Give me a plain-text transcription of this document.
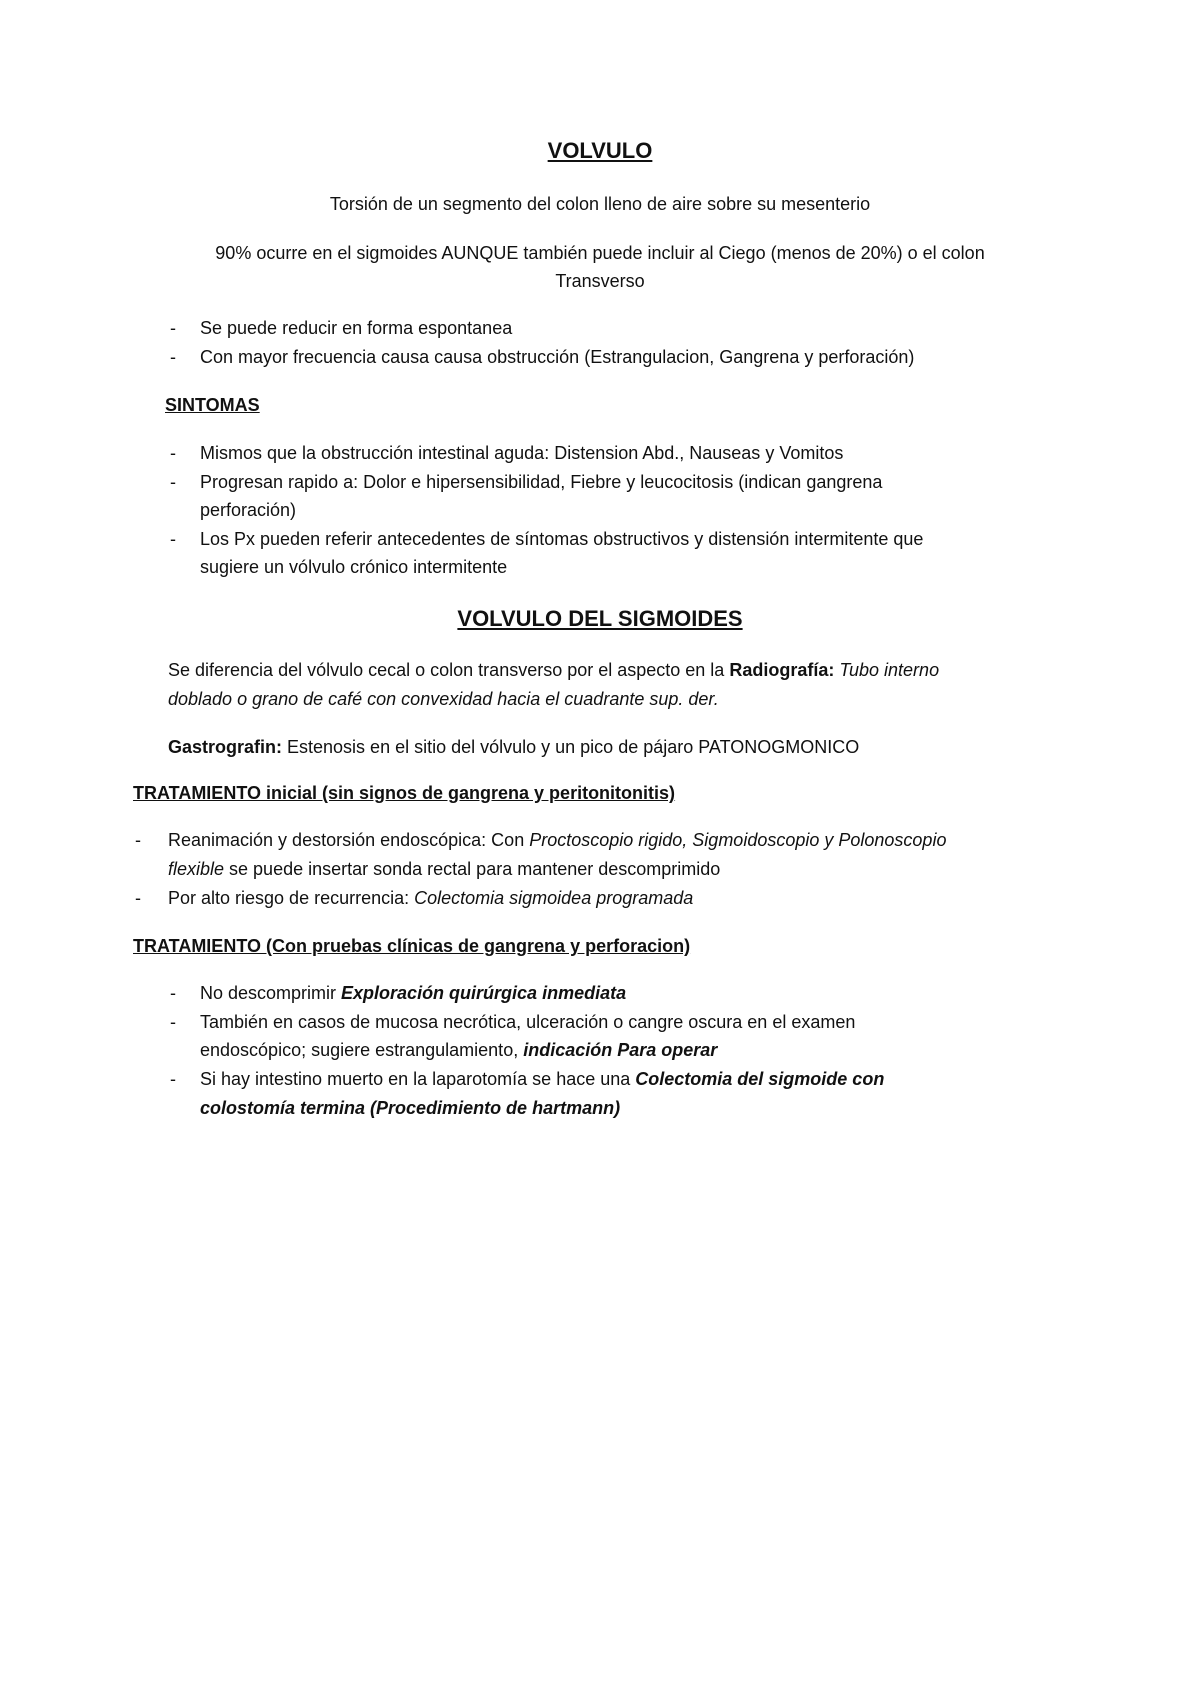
VOLVULO
Torsión de un segmento del colon lleno de aire sobre su mesenterio
90% ocurre en el sigmoides AUNQUE también puede incluir al Ciego (menos de 20%) o el colon
Transverso
- Se puede reducir en forma espontanea
- Con mayor frecuencia causa causa obstrucción (Estrangulacion, Gangrena y perforación)
SINTOMAS
- Mismos que la obstrucción intestinal aguda: Distension Abd., Nauseas y Vomitos
- Progresan rapido a: Dolor e hipersensibilidad, Fiebre y leucocitosis (indican gangrena
perforación)
- Los Px pueden referir antecedentes de síntomas obstructivos y distensión intermitente que
sugiere un vólvulo crónico intermitente
VOLVULO DEL SIGMOIDES
Se diferencia del vólvulo cecal o colon transverso por el aspecto en la Radiografía: Tubo interno
doblado o grano de café con convexidad hacia el cuadrante sup. der.
Gastrografin: Estenosis en el sitio del vólvulo y un pico de pájaro PATONOGMONICO
TRATAMIENTO inicial (sin signos de gangrena y peritonitonitis)
- Reanimación y destorsión endoscópica: Con Proctoscopio rigido, Sigmoidoscopio y Polonoscopio
flexible se puede insertar sonda rectal para mantener descomprimido
- Por alto riesgo de recurrencia: Colectomia sigmoidea programada
TRATAMIENTO (Con pruebas clínicas de gangrena y perforacion)
- No descomprimir Exploración quirúrgica inmediata
- También en casos de mucosa necrótica, ulceración o cangre oscura en el examen
endoscópico; sugiere estrangulamiento, indicación Para operar
- Si hay intestino muerto en la laparotomía se hace una Colectomia del sigmoide con
colostomía termina (Procedimiento de hartmann)
